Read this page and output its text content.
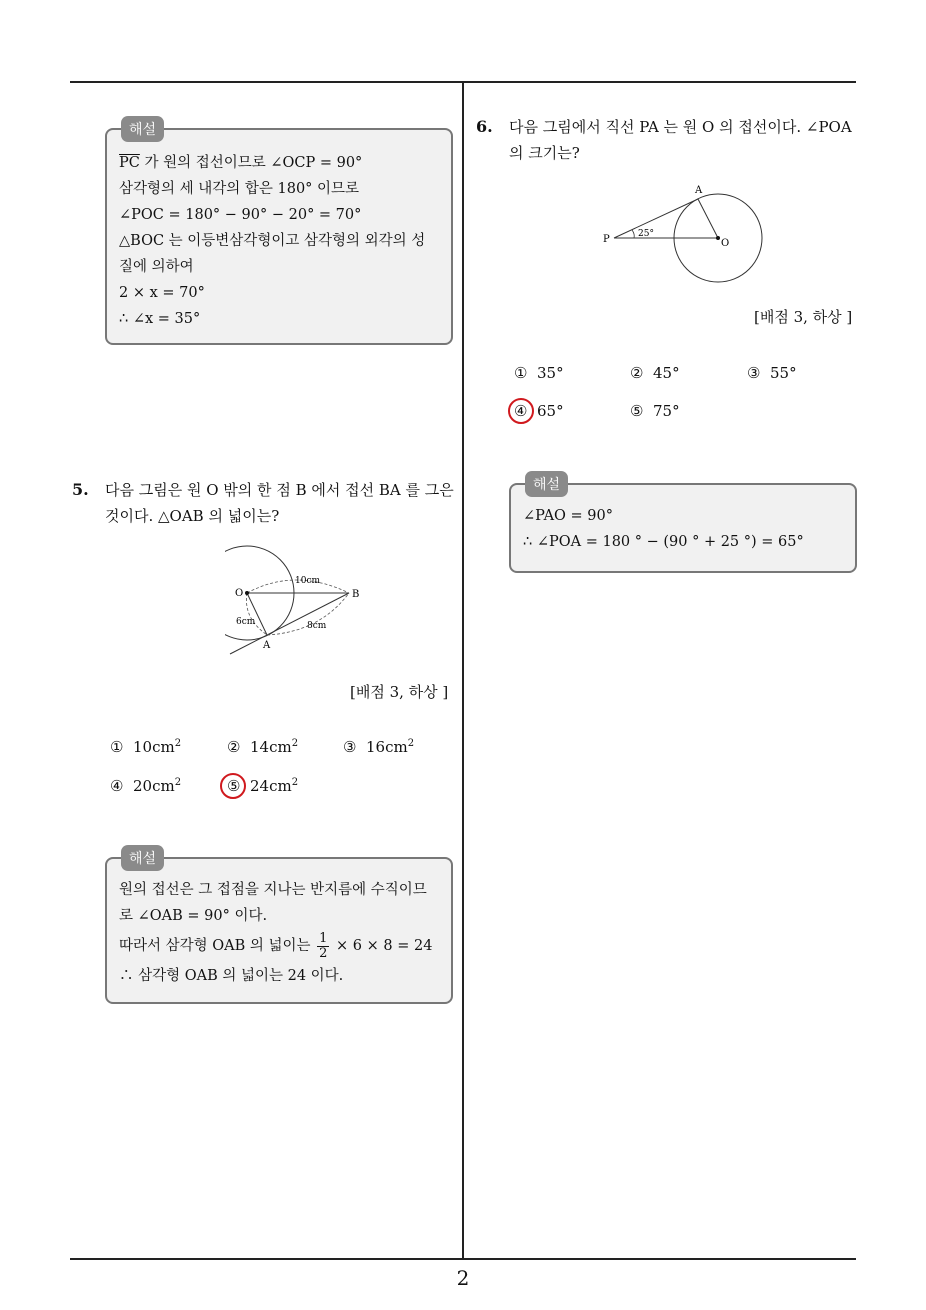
해설
$\overline{PC}$ 가 원의 접선이므로 ∠OCP = 90°
삼각형의 세 내각의 합은 180° 이므로
∠POC = 180° − 90° − 20° = 70°
△BOC 는 이등변삼각형이고 삼각형의 외각의 성
질에 의하여
2 × x = 70°
∴ ∠x = 35°
5. 다음 그림은 원 O 밖의 한 점 B 에서 접선 BA 를 그은
것이다. △OAB 의 넓이는?
O	B
A
10cm
6cm	8cm
[배점 3, 하상 ]
① $10cm^2$	② $14cm^2$	③ $16cm^2$
④ $20cm^2$	⑤ $24cm^2$
해설
원의 접선은 그 접점을 지나는 반지름에 수직이므
로 ∠OAB = 90° 이다.
따라서 삼각형 OAB 의 넓이는 $\frac{1}{2} \times 6 \times 8 = 24$
∴ 삼각형 OAB 의 넓이는 24 이다.
6. 다음 그림에서 직선 PA 는 원 O 의 접선이다. ∠POA
의 크기는?
A
P	O
25°
[배점 3, 하상 ]
① 35°	② 45°	③ 55°
④ 65°	⑤ 75°
해설
∠PAO = 90°
∴ ∠POA = 180 ° − (90 ° + 25 °) = 65°
2
